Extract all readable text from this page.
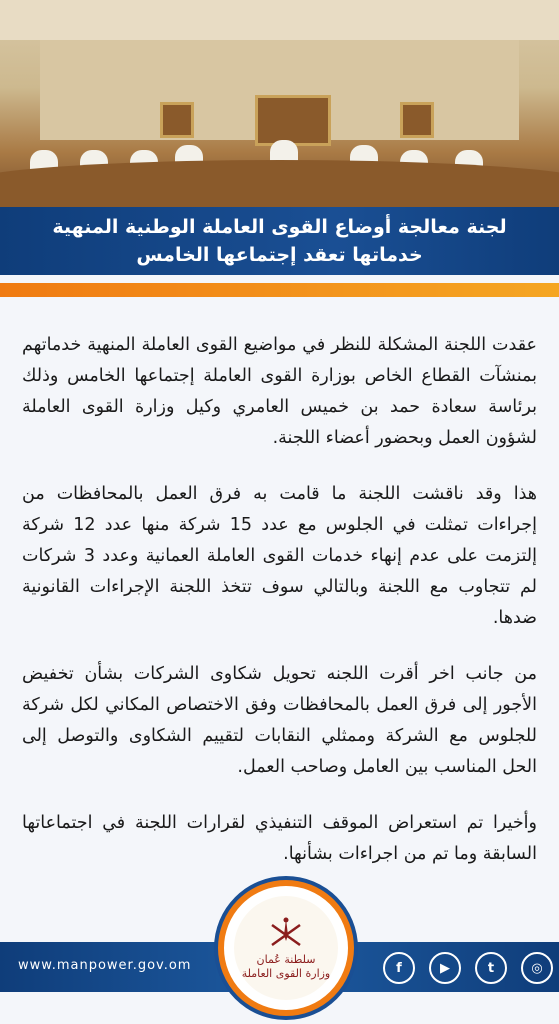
لجنة معالجة أوضاع القوى العاملة الوطنية المنهية خدماتها تعقد إجتماعها الخامس

عقدت اللجنة المشكلة للنظر في مواضيع القوى العاملة المنهية خدماتهم بمنشآت القطاع الخاص بوزارة القوى العاملة إجتماعها الخامس وذلك برئاسة سعادة حمد بن خميس العامري وكيل وزارة القوى العاملة لشؤون العمل وبحضور أعضاء اللجنة.

هذا وقد ناقشت اللجنة ما قامت به فرق العمل بالمحافظات من إجراءات تمثلت في الجلوس مع عدد 15 شركة منها عدد 12 شركة إلتزمت على عدم إنهاء خدمات القوى العاملة العمانية وعدد 3 شركات لم تتجاوب مع اللجنة وبالتالي سوف تتخذ اللجنة الإجراءات القانونية ضدها.

من جانب اخر أقرت اللجنه تحويل شكاوى الشركات بشأن تخفيض الأجور إلى فرق العمل بالمحافظات وفق الاختصاص المكاني لكل شركة للجلوس مع الشركة وممثلي النقابات لتقييم الشكاوى والتوصل إلى الحل المناسب بين العامل وصاحب العمل.

وأخيرا تم استعراض الموقف التنفيذي لقرارات اللجنة في اجتماعاتها السابقة وما تم من اجراءات بشأنها.

www.manpower.gov.om	f	▶	t	◎
سلطنة عُمان
وزارة القوى العاملة
